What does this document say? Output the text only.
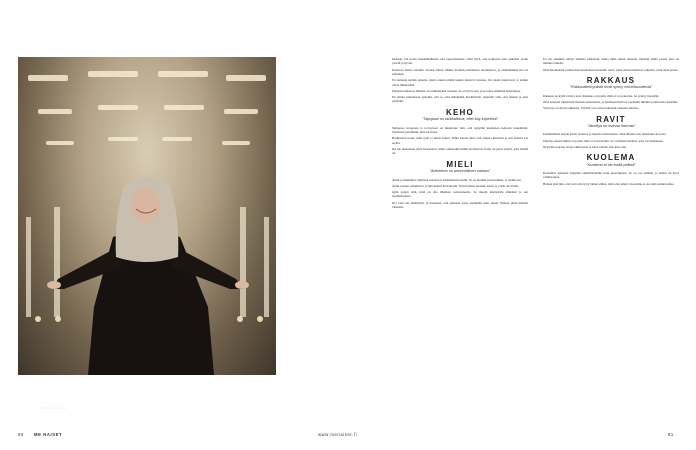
Valokuvaaja kanssa...

mokaan. On kovin herkkähenkinen olla tarpeettomana. Olisi hyvä, että kohteena olisi selkeästi jotain ylevää ja hyvää.

Katsavaa maata ostettiin vuoden alussa. Mikko Konkin johtamassa tuotannossa, ja ensimmäinen ilta oli sellainen.

En tuntenut ketään ennalta, mutta ennen pitkää kaikki tunsivat toisensa. Ilta meni mukavasti, ja kaikki olivat ihmeissään.

Pienissä paikoissa ihmiset ovat lähempänä toisiaan. Se on hyvä asia, ja se tekee elämästä helpompaa.

En silloin kuitenkaan ajatellut, että se olisi mitenkään merkittävää. Ajattelin vain, että menen ja teen parhaani.

KEHO
”Tapojaan on tarkkailtava, ettei käy köpelösti”

Suhteessa kroppaan ja terveyteen on muuttunut niin, että nykyään kuuntelen kehoani tarkemmin. Tiedostan paremmin, mitä tarvitsen.

Harkittelen usein, mitä syön ja miten liikun. Pidän huolta siitä, että nukun riittävästi ja että kehoni saa levätä.

Ikä tuo mukanaan omat haasteensa, mutta suhtaudun niihin levollisesti. Keho on paras ystävä, joka meillä on.

MIELI
”Alzheimer on perinnöllinen sairaus”

Äitini ja mummini veljineen sairastivat Alzheimerin taudin. Se on meidän suvussamme, ja tiedän sen.

Äidin voimat romahtivat, ja hän muutti hoivakotiin. Kävin hänen luonaan usein, ja yritin olla läsnä.

Opin paljon siitä, mitä on olla läheinen sairastuneelle. Se muutti käsitystäni elämästä ja sen rajallisuudesta.

Nyt olen itse ikääntynyt ja huomaan, että ajattelen asiaa enemmän kuin ennen. Haluan pitää mieleni virkeänä.

En ole aiemmin tehnyt tällaisia päätöksiä, mutta tämä tuntui oikealta. Halusin tehdä jotain, joka on minulle tärkeää.

Olen huomannut positiivisen muutoksen itsessäni. Asiat, jotka ennen tuntuivat vaikeilta, eivät enää pelota.

RAKKAUS
”Rakkaudenhyvästit eivät synny velvollisuudesta”

Rakkaus on kyllä valtava asia. Rakkaus on jotain, mitä ei voi pakottaa. Se syntyy itsestään.

Olen kokenut rakkauden monissa muodoissa, ja jokainen niistä on opettanut minulle jotain uutta itsestäni.

Ystävyys on myös rakkautta. Ystävät ovat olleet tukenani vaikeina aikoina.

RAVIT
”Jännitys on ihanaa hurmaa”

Ensimmäisen kerran kävin raveissa jo lapsena isäni kanssa. Siitä lähtien olen rakastanut hevosia.

Jännitys ennen lähtöä on jotain, mitä ei voi kuvailla. Se on ihanaa hurmaa, joka vie mukanaan.

Nykyään seuraan raveja aktiivisesti ja käyn radalla aina kun voin.

KUOLEMA
”Kuolema ei ole enää pelkkä”

Kuolemaa ajattelen nykyään rauhallisemmin kuin nuorempana. Se on osa elämää, ja siihen on hyvä valmistautua.

Haluan elää niin, että voin olla tyytyväinen siihen, mitä olen tehnyt. Kuolema ei ole enää pelkkä pelko.

80 ME NAISET	www.menaiset.fi	81
